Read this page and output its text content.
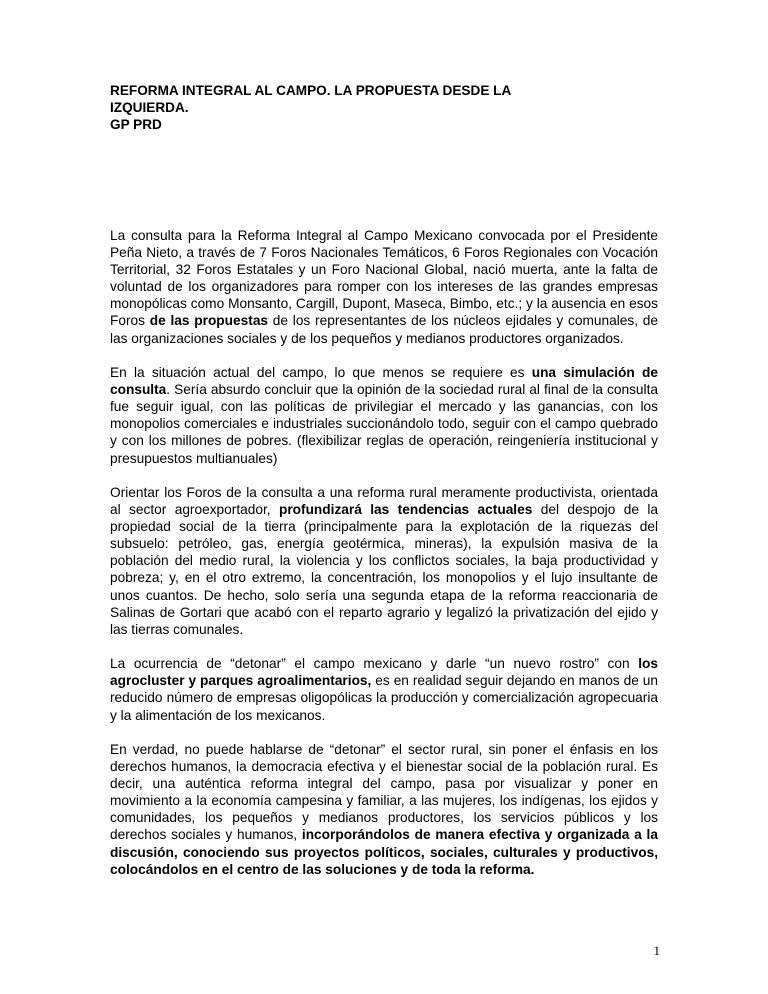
REFORMA INTEGRAL AL CAMPO. LA PROPUESTA DESDE LA
IZQUIERDA.
GP PRD

La consulta para la Reforma Integral al Campo Mexicano convocada por el Presidente Peña Nieto, a través de 7 Foros Nacionales Temáticos, 6 Foros Regionales con Vocación Territorial, 32 Foros Estatales y un Foro Nacional Global, nació muerta, ante la falta de voluntad de los organizadores para romper con los intereses de las grandes empresas monopólicas como Monsanto, Cargill, Dupont, Maseca, Bimbo, etc.; y la ausencia en esos Foros de las propuestas de los representantes de los núcleos ejidales y comunales, de las organizaciones sociales y de los pequeños y medianos productores organizados.

En la situación actual del campo, lo que menos se requiere es una simulación de consulta. Sería absurdo concluir que la opinión de la sociedad rural al final de la consulta fue seguir igual, con las políticas de privilegiar el mercado y las ganancias, con los monopolios comerciales e industriales succionándolo todo, seguir con el campo quebrado y con los millones de pobres. (flexibilizar reglas de operación, reingeniería institucional y presupuestos multianuales)

Orientar los Foros de la consulta a una reforma rural meramente productivista, orientada al sector agroexportador, profundizará las tendencias actuales del despojo de la propiedad social de la tierra (principalmente para la explotación de la riquezas del subsuelo: petróleo, gas, energía geotérmica, mineras), la expulsión masiva de la población del medio rural, la violencia y los conflictos sociales, la baja productividad y pobreza; y, en el otro extremo, la concentración, los monopolios y el lujo insultante de unos cuantos. De hecho, solo sería una segunda etapa de la reforma reaccionaria de Salinas de Gortari que acabó con el reparto agrario y legalizó la privatización del ejido y las tierras comunales.

La ocurrencia de “detonar” el campo mexicano y darle “un nuevo rostro” con los agrocluster y parques agroalimentarios, es en realidad seguir dejando en manos de un reducido número de empresas oligopólicas la producción y comercialización agropecuaria y la alimentación de los mexicanos.

En verdad, no puede hablarse de “detonar” el sector rural, sin poner el énfasis en los derechos humanos, la democracia efectiva y el bienestar social de la población rural. Es decir, una auténtica reforma integral del campo, pasa por visualizar y poner en movimiento a la economía campesina y familiar, a las mujeres, los indígenas, los ejidos y comunidades, los pequeños y medianos productores, los servicios públicos y los derechos sociales y humanos, incorporándolos de manera efectiva y organizada a la discusión, conociendo sus proyectos políticos, sociales, culturales y productivos, colocándolos en el centro de las soluciones y de toda la reforma.

1
